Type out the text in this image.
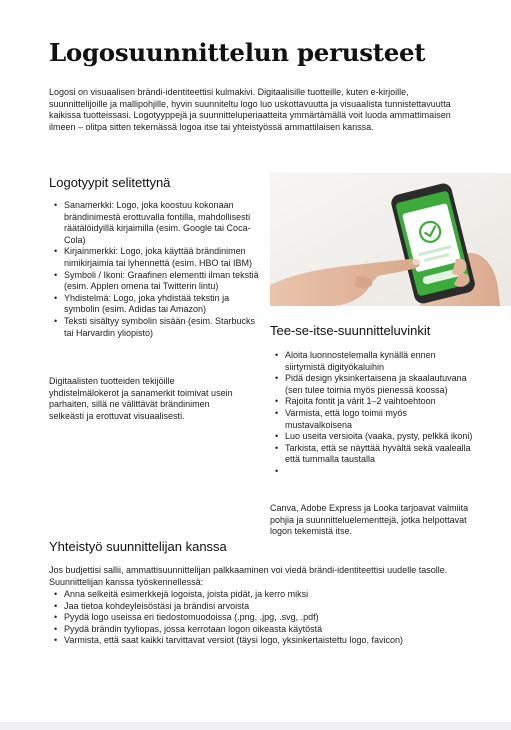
Logosuunnittelun perusteet

Logosi on visuaalisen brändi-identiteettisi kulmakivi. Digitaalisille tuotteille, kuten e-kirjoille, suunnittelijoille ja mallipohjille, hyvin suunniteltu logo luo uskottavuutta ja visuaalista tunnistettavuutta kaikissa tuotteissasi. Logotyyppejä ja suunnitteluperiaatteita ymmärtämällä voit luoda ammattimaisen ilmeen – olitpa sitten tekemässä logoa itse tai yhteistyössä ammattilaisen kanssa.

Logotyypit selitettynä
• Sanamerkki: Logo, joka koostuu kokonaan brändinimestä erottuvalla fontilla, mahdollisesti räätälöidyillä kirjaimilla (esim. Google tai Coca-Cola)
• Kirjainmerkki: Logo, joka käyttää brändinimen nimikirjaimia tai lyhennettä (esim. HBO tai IBM)
• Symboli / Ikoni: Graafinen elementti ilman tekstiä (esim. Applen omena tai Twitterin lintu)
• Yhdistelmä: Logo, joka yhdistää tekstin ja symbolin (esim. Adidas tai Amazon)
• Teksti sisältyy symbolin sisään (esim. Starbucks tai Harvardin yliopisto)

Digitaalisten tuotteiden tekijöille yhdistelmälokerot ja sanamerkit toimivat usein parhaiten, sillä ne välittävät brändinimen selkeästi ja erottuvat visuaalisesti.

Tee-se-itse-suunnitteluvinkit
• Aloita luonnostelemalla kynällä ennen siirtymistä digityökaluihin
• Pidä design yksinkertaisena ja skaalautuvana (sen tulee toimia myös pienessä koossa)
• Rajoita fontit ja värit 1–2 vaihtoehtoon
• Varmista, että logo toimii myös mustavalkoisena
• Luo useita versioita (vaaka, pysty, pelkkä ikoni)
• Tarkista, että se näyttää hyvältä sekä vaalealla että tummalla taustalla
•

Canva, Adobe Express ja Looka tarjoavat valmiita pohjia ja suunnitteluelementtejä, jotka helpottavat logon tekemistä itse.

Yhteistyö suunnittelijan kanssa

Jos budjettisi sallii, ammattisuunnittelijan palkkaaminen voi viedä brändi-identiteettisi uudelle tasolle. Suunnittelijan kanssa työskennellessä:

• Anna selkeitä esimerkkejä logoista, joista pidät, ja kerro miksi
• Jaa tietoa kohdeyleisöstäsi ja brändisi arvoista
• Pyydä logo useissa eri tiedostomuodoissa (.png, .jpg, .svg, .pdf)
• Pyydä brändin tyyliopas, jossa kerrotaan logon oikeasta käytöstä
• Varmista, että saat kaikki tarvittavat versiot (täysi logo, yksinkertaistettu logo, favicon)
